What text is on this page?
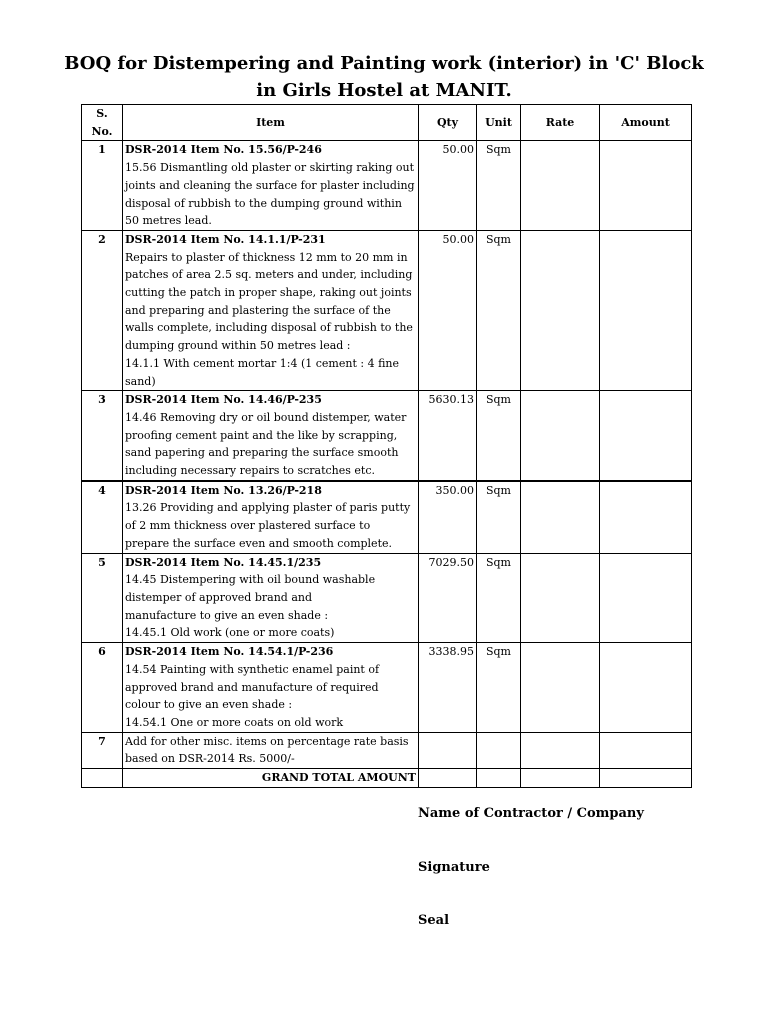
BOQ for Distempering and Painting work (interior) in 'C' Block in Girls Hostel at MANIT.
S. No.	Item	Qty	Unit	Rate	Amount
1	DSR-2014 Item No. 15.56/P-246
15.56 Dismantling old plaster or skirting raking out joints and cleaning the surface for plaster including disposal of rubbish to the dumping ground within 50 metres lead.	50.00	Sqm		
2	DSR-2014 Item No. 14.1.1/P-231
Repairs to plaster of thickness 12 mm to 20 mm in patches of area 2.5 sq. meters and under, including cutting the patch in proper shape, raking out joints and preparing and plastering the surface of the walls complete, including disposal of rubbish to the dumping ground within 50 metres lead :
14.1.1 With cement mortar 1:4 (1 cement : 4 fine sand)	50.00	Sqm		
3	DSR-2014 Item No. 14.46/P-235
14.46 Removing dry or oil bound distemper, water proofing cement paint and the like by scrapping, sand papering and preparing the surface smooth including necessary repairs to scratches etc.	5630.13	Sqm		
4	DSR-2014 Item No. 13.26/P-218
13.26 Providing and applying plaster of paris putty of 2 mm thickness over plastered surface to prepare the surface even and smooth complete.	350.00	Sqm		
5	DSR-2014 Item No. 14.45.1/235
14.45 Distempering with oil bound washable distemper of approved brand and
manufacture to give an even shade :
14.45.1 Old work (one or more coats)	7029.50	Sqm		
6	DSR-2014 Item No. 14.54.1/P-236
14.54 Painting with synthetic enamel paint of approved brand and manufacture of required colour to give an even shade :
14.54.1 One or more coats on old work	3338.95	Sqm		
7	Add for other misc. items on percentage rate basis based on DSR-2014 Rs. 5000/-				

	GRAND TOTAL AMOUNT				
Name of Contractor / Company
Signature
Seal
